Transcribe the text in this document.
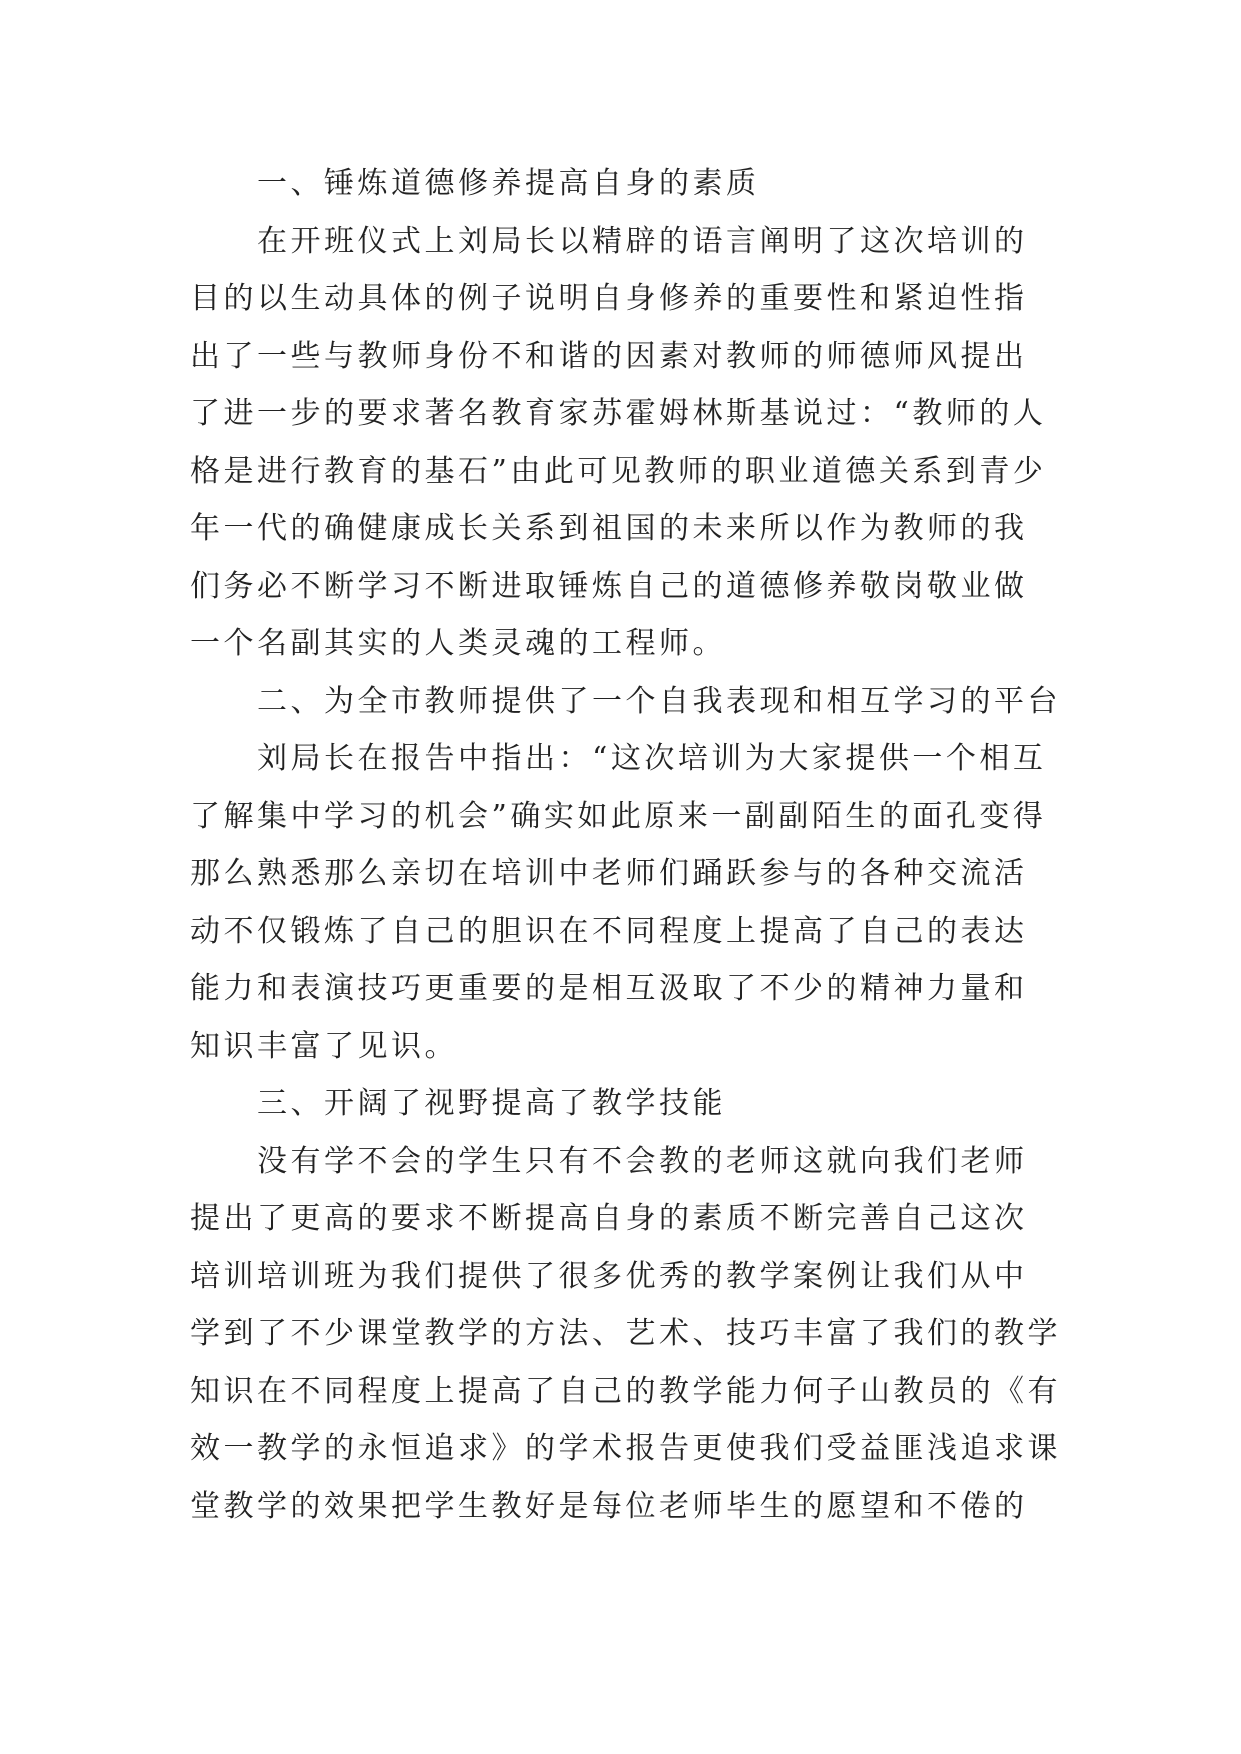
一、锤炼道德修养提高自身的素质
在开班仪式上刘局长以精辟的语言阐明了这次培训的
目的以生动具体的例子说明自身修养的重要性和紧迫性指
出了一些与教师身份不和谐的因素对教师的师德师风提出
了进一步的要求著名教育家苏霍姆林斯基说过：“教师的人
格是进行教育的基石”由此可见教师的职业道德关系到青少
年一代的确健康成长关系到祖国的未来所以作为教师的我
们务必不断学习不断进取锤炼自己的道德修养敬岗敬业做
一个名副其实的人类灵魂的工程师。
二、为全市教师提供了一个自我表现和相互学习的平台
刘局长在报告中指出：“这次培训为大家提供一个相互
了解集中学习的机会”确实如此原来一副副陌生的面孔变得
那么熟悉那么亲切在培训中老师们踊跃参与的各种交流活
动不仅锻炼了自己的胆识在不同程度上提高了自己的表达
能力和表演技巧更重要的是相互汲取了不少的精神力量和
知识丰富了见识。
三、开阔了视野提高了教学技能
没有学不会的学生只有不会教的老师这就向我们老师
提出了更高的要求不断提高自身的素质不断完善自己这次
培训培训班为我们提供了很多优秀的教学案例让我们从中
学到了不少课堂教学的方法、艺术、技巧丰富了我们的教学
知识在不同程度上提高了自己的教学能力何子山教员的《有
效一教学的永恒追求》的学术报告更使我们受益匪浅追求课
堂教学的效果把学生教好是每位老师毕生的愿望和不倦的
